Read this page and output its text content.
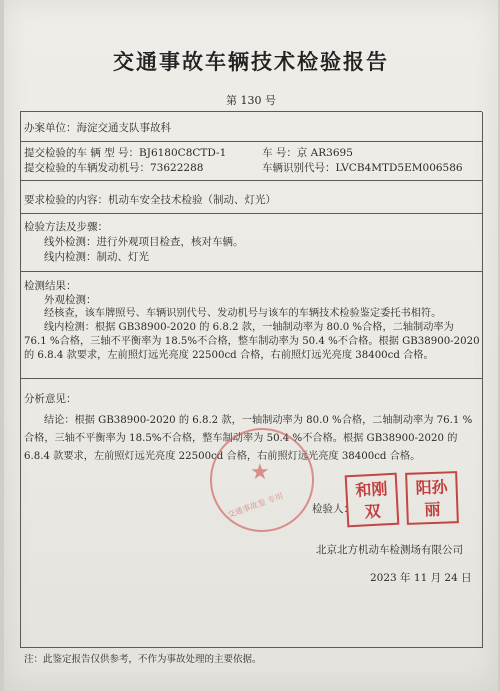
交通事故车辆技术检验报告
第 130 号
办案单位：海淀交通支队事故科
提交检验的车 辆 型 号：BJ6180C8CTD-1	车 号：京 AR3695
提交检验的车辆发动机号：73622288	车辆识别代号：LVCB4MTD5EM006586
要求检验的内容：机动车安全技术检验（制动、灯光）
检验方法及步骤：
线外检测：进行外观项目检查，核对车辆。
线内检测：制动、灯光
检测结果：
外观检测：
经核查，该车牌照号、车辆识别代号、发动机号与该车的车辆技术检验鉴定委托书相符。
线内检测：根据 GB38900-2020 的 6.8.2 款，一轴制动率为 80.0 %合格，二轴制动率为
76.1 %合格，三轴不平衡率为 18.5%不合格，整车制动率为 50.4 %不合格。根据 GB38900-2020
的 6.8.4 款要求，左前照灯远光亮度 22500cd 合格，右前照灯远光亮度 38400cd 合格。
分析意见：
结论：根据 GB38900-2020 的 6.8.2 款，一轴制动率为 80.0 %合格，二轴制动率为 76.1 %
合格，三轴不平衡率为 18.5%不合格，整车制动率为 50.4 %不合格。根据 GB38900-2020 的
6.8.4 款要求，左前照灯远光亮度 22500cd 合格，右前照灯远光亮度 38400cd 合格。
★
交通事故鉴 专用	检验人：
和刚
双
阳孙
丽
北京北方机动车检测场有限公司
2023 年 11 月 24 日
注：此鉴定报告仅供参考，不作为事故处理的主要依据。
